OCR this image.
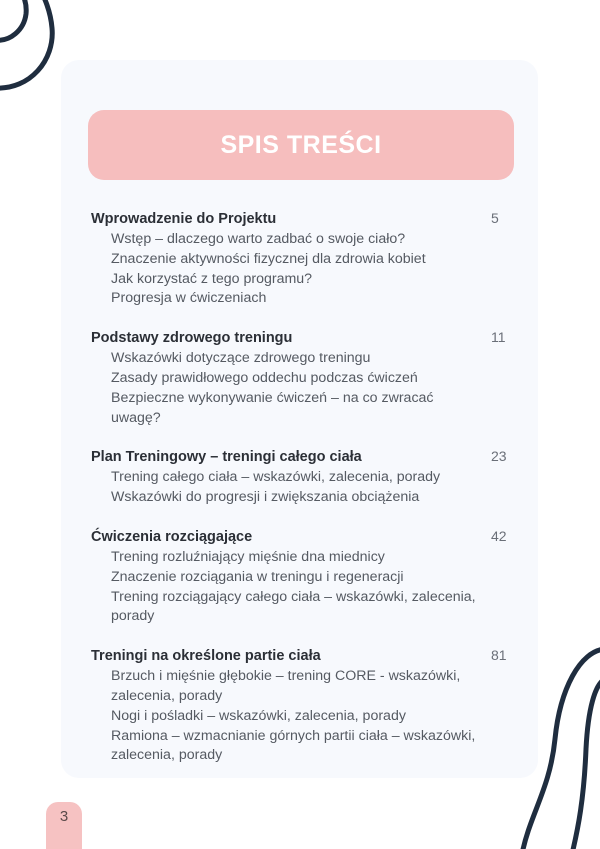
SPIS TREŚCI
Wprowadzenie do Projektu	5
Wstęp – dlaczego warto zadbać o swoje ciało?
Znaczenie aktywności fizycznej dla zdrowia kobiet
Jak korzystać z tego programu?
Progresja w ćwiczeniach
Podstawy zdrowego treningu	11
Wskazówki dotyczące zdrowego treningu
Zasady prawidłowego oddechu podczas ćwiczeń
Bezpieczne wykonywanie ćwiczeń – na co zwracać
uwagę?
Plan Treningowy – treningi całego ciała	23
Trening całego ciała – wskazówki, zalecenia, porady
Wskazówki do progresji i zwiększania obciążenia
Ćwiczenia rozciągające	42
Trening rozluźniający mięśnie dna miednicy
Znaczenie rozciągania w treningu i regeneracji
Trening rozciągający całego ciała – wskazówki, zalecenia,
porady
Treningi na określone partie ciała	81
Brzuch i mięśnie głębokie – trening CORE - wskazówki,
zalecenia, porady
Nogi i pośladki – wskazówki, zalecenia, porady
Ramiona – wzmacnianie górnych partii ciała – wskazówki,
zalecenia, porady
3
